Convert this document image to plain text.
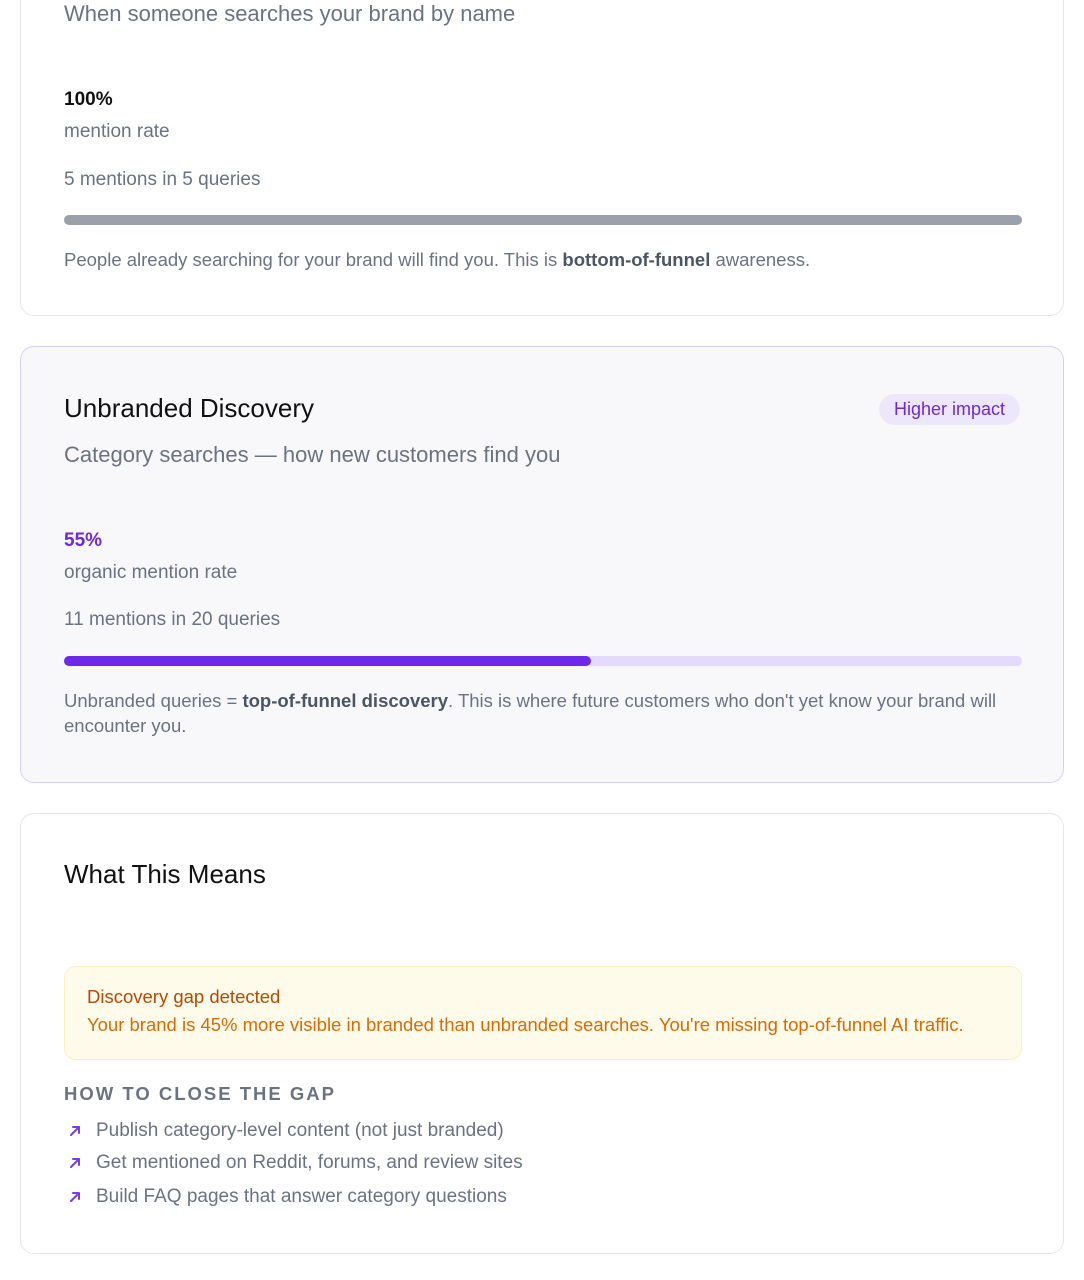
When someone searches your brand by name
100%
mention rate
5 mentions in 5 queries
People already searching for your brand will find you. This is bottom-of-funnel awareness.
Unbranded Discovery	Higher impact
Category searches — how new customers find you
55%
organic mention rate
11 mentions in 20 queries
Unbranded queries = top-of-funnel discovery. This is where future customers who don't yet know your brand will encounter you.
What This Means
Discovery gap detected
Your brand is 45% more visible in branded than unbranded searches. You're missing top-of-funnel AI traffic.
HOW TO CLOSE THE GAP
Publish category-level content (not just branded)
Get mentioned on Reddit, forums, and review sites
Build FAQ pages that answer category questions
